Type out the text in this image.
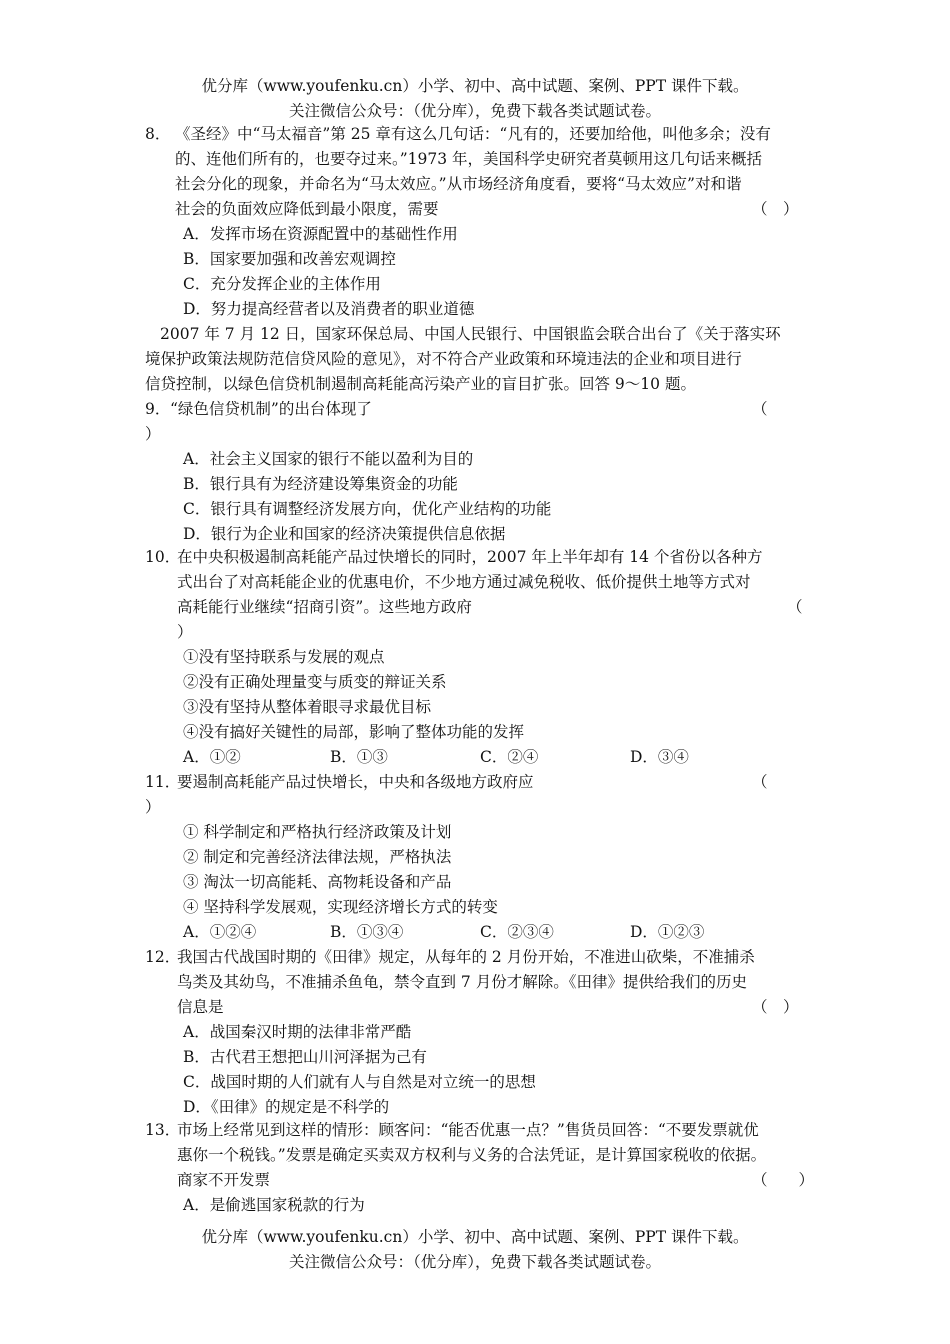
优分库（www.youfenku.cn）小学、初中、高中试题、案例、PPT 课件下载。
关注微信公众号：（优分库），免费下载各类试题试卷。
8． 《圣经》中“马太福音”第 25 章有这么几句话：“凡有的，还要加给他，叫他多余；没有
的、连他们所有的，也要夺过来。”1973 年，美国科学史研究者莫顿用这几句话来概括
社会分化的现象，并命名为“马太效应。”从市场经济角度看，要将“马太效应”对和谐
社会的负面效应降低到最小限度，需要	（　）
A．发挥市场在资源配置中的基础性作用
B．国家要加强和改善宏观调控
C．充分发挥企业的主体作用
D．努力提高经营者以及消费者的职业道德
2007 年 7 月 12 日，国家环保总局、中国人民银行、中国银监会联合出台了《关于落实环
境保护政策法规防范信贷风险的意见》，对不符合产业政策和环境违法的企业和项目进行
信贷控制，以绿色信贷机制遏制高耗能高污染产业的盲目扩张。回答 9～10 题。
9． “绿色信贷机制”的出台体现了	（
）
A．社会主义国家的银行不能以盈利为目的
B．银行具有为经济建设筹集资金的功能
C．银行具有调整经济发展方向，优化产业结构的功能
D．银行为企业和国家的经济决策提供信息依据
10．
在中央积极遏制高耗能产品过快增长的同时，2007 年上半年却有 14 个省份以各种方
式出台了对高耗能企业的优惠电价，不少地方通过减免税收、低价提供土地等方式对
高耗能行业继续“招商引资”。这些地方政府	（
）
①没有坚持联系与发展的观点
②没有正确处理量变与质变的辩证关系
③没有坚持从整体着眼寻求最优目标
④没有搞好关键性的局部，影响了整体功能的发挥
A．①②	B．①③	C．②④	D．③④
11．
要遏制高耗能产品过快增长，中央和各级地方政府应	（
）
① 科学制定和严格执行经济政策及计划
② 制定和完善经济法律法规，严格执法
③ 淘汰一切高能耗、高物耗设备和产品
④ 坚持科学发展观，实现经济增长方式的转变
A．①②④	B．①③④	C．②③④	D．①②③
12．
我国古代战国时期的《田律》规定，从每年的 2 月份开始，不准进山砍柴，不准捕杀
鸟类及其幼鸟，不准捕杀鱼龟，禁令直到 7 月份才解除。《田律》提供给我们的历史
信息是	（　）
A．战国秦汉时期的法律非常严酷
B．古代君王想把山川河泽据为己有
C．战国时期的人们就有人与自然是对立统一的思想
D．《田律》的规定是不科学的
13．
市场上经常见到这样的情形：顾客问：“能否优惠一点？”售货员回答：“不要发票就优
惠你一个税钱。”发票是确定买卖双方权利与义务的合法凭证，是计算国家税收的依据。
商家不开发票	（　　）
A．是偷逃国家税款的行为
优分库（www.youfenku.cn）小学、初中、高中试题、案例、PPT 课件下载。
关注微信公众号：（优分库），免费下载各类试题试卷。
